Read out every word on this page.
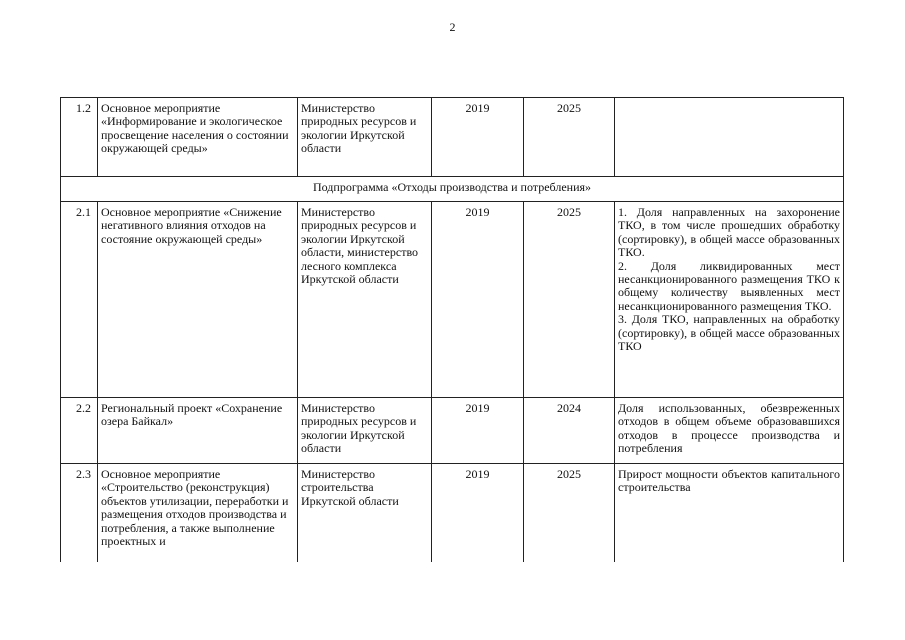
2
1.2	Основное мероприятие «Информирование и экологическое просвещение населения о состоянии окружающей среды»	Министерство природных ресурсов и экологии Иркутской области	2019	2025	
Подпрограмма «Отходы производства и потребления»					
2.1	Основное мероприятие «Снижение негативного влияния отходов на состояние окружающей среды»	Министерство природных ресурсов и экологии Иркутской области, министерство лесного комплекса Иркутской области	2019	2025	1. Доля направленных на захоронение ТКО, в том числе прошедших обработку (сортировку), в общей массе образованных ТКО.
2. Доля ликвидированных мест несанкционированного размещения ТКО к общему количеству выявленных мест несанкционированного размещения ТКО.
3. Доля ТКО, направленных на обработку (сортировку), в общей массе образованных ТКО

2.2	Региональный проект «Сохранение озера Байкал»	Министерство природных ресурсов и экологии Иркутской области	2019	2024	Доля использованных, обезвреженных отходов в общем объеме образовавшихся отходов в процессе производства и потребления

2.3	Основное мероприятие «Строительство (реконструкция) объектов утилизации, переработки и размещения отходов производства и потребления, а также выполнение проектных и	Министерство строительства Иркутской области	2019	2025	Прирост мощности объектов капитального строительства
